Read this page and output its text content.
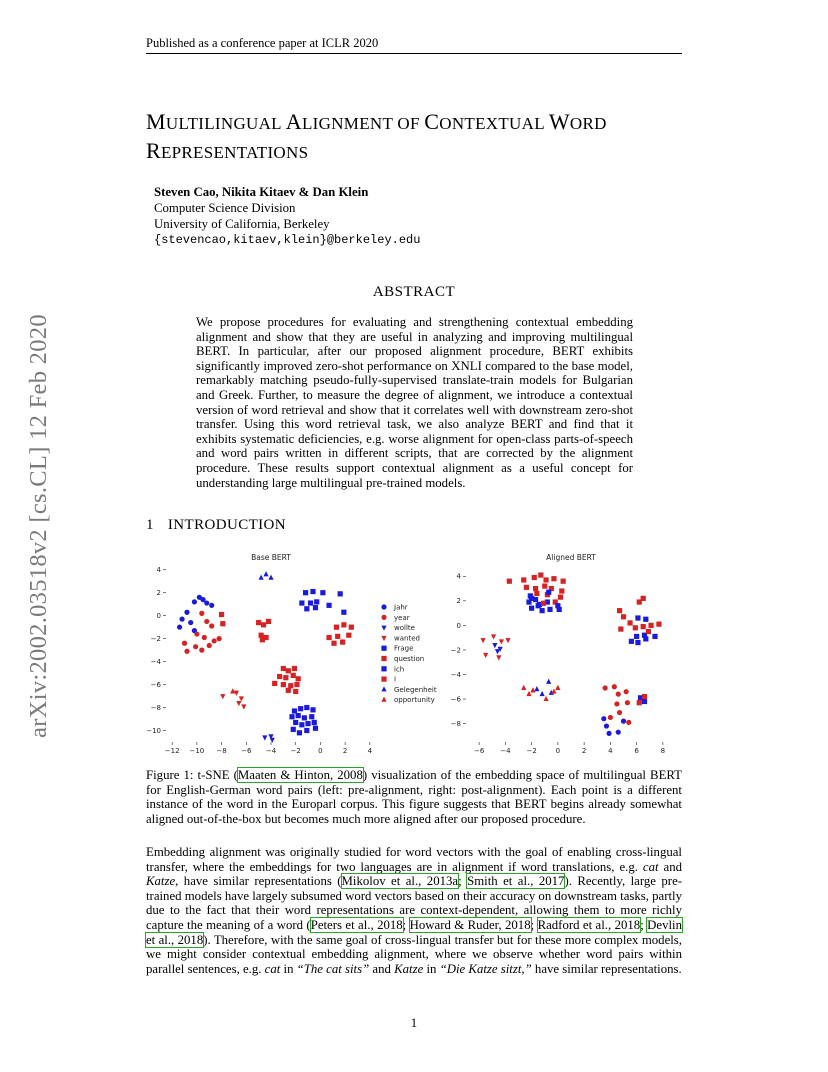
Published as a conference paper at ICLR 2020
arXiv:2002.03518v2 [cs.CL] 12 Feb 2020
MULTILINGUAL ALIGNMENT OF CONTEXTUAL WORD
REPRESENTATIONS
Steven Cao, Nikita Kitaev & Dan Klein
Computer Science Division
University of California, Berkeley
{stevencao,kitaev,klein}@berkeley.edu
ABSTRACT
We propose procedures for evaluating and strengthening contextual embedding alignment and show that they are useful in analyzing and improving multilingual BERT. In particular, after our proposed alignment procedure, BERT exhibits significantly improved zero-shot performance on XNLI compared to the base model, remarkably matching pseudo-fully-supervised translate-train models for Bulgarian and Greek. Further, to measure the degree of alignment, we introduce a contextual version of word retrieval and show that it correlates well with downstream zero-shot transfer. Using this word retrieval task, we also analyze BERT and find that it exhibits systematic deficiencies, e.g. worse alignment for open-class parts-of-speech and word pairs written in different scripts, that are corrected by the alignment procedure. These results support contextual alignment as a useful concept for understanding large multilingual pre-trained models.
1 INTRODUCTION
Base BERT
−12 −10 −8 −6 −4 −2 0	2	4
4
2
0
−2
−4
−6
−8
−10
Aligned BERT
−6 −4 −2	0	2	4	6	8
4
2
0
−2
−4
−6
−8
Jahr
year
wollte
wanted
Frage
question
ich
I
Gelegenheit
opportunity
Figure 1: t-SNE (Maaten & Hinton, 2008) visualization of the embedding space of multilingual BERT for English-German word pairs (left: pre-alignment, right: post-alignment). Each point is a different instance of the word in the Europarl corpus. This figure suggests that BERT begins already somewhat aligned out-of-the-box but becomes much more aligned after our proposed procedure.
Embedding alignment was originally studied for word vectors with the goal of enabling cross-lingual transfer, where the embeddings for two languages are in alignment if word translations, e.g. cat and Katze, have similar representations (Mikolov et al., 2013a; Smith et al., 2017). Recently, large pre-trained models have largely subsumed word vectors based on their accuracy on downstream tasks, partly due to the fact that their word representations are context-dependent, allowing them to more richly capture the meaning of a word (Peters et al., 2018; Howard & Ruder, 2018; Radford et al., 2018; Devlin et al., 2018). Therefore, with the same goal of cross-lingual transfer but for these more complex models, we might consider contextual embedding alignment, where we observe whether word pairs within parallel sentences, e.g. cat in “The cat sits” and Katze in “Die Katze sitzt,” have similar representations.
1
